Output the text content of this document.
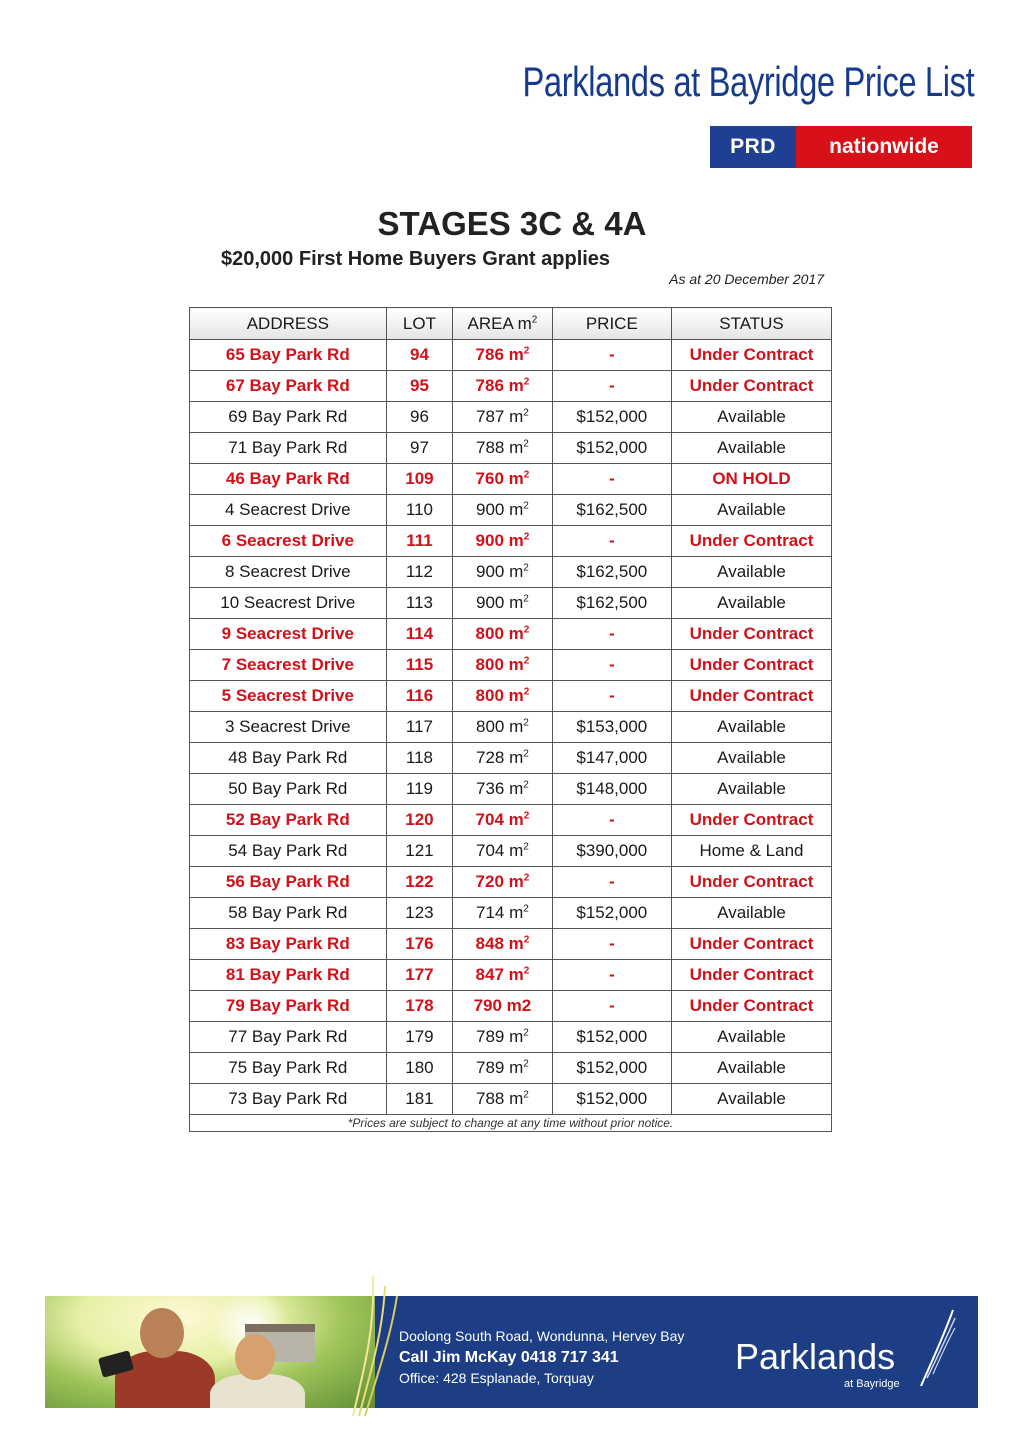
Parklands at Bayridge Price List
PRD	nationwide
STAGES 3C & 4A
$20,000 First Home Buyers Grant applies
As at 20 December 2017
ADDRESS	LOT	AREA $m^2$	PRICE	STATUS
65 Bay Park Rd	94	786 $m^2$	-	Under Contract
67 Bay Park Rd	95	786 $m^2$	-	Under Contract
69 Bay Park Rd	96	787 $m^2$	$152,000	Available
71 Bay Park Rd	97	788 $m^2$	$152,000	Available
46 Bay Park Rd	109	760 $m^2$	-	ON HOLD
4 Seacrest Drive	110	900 $m^2$	$162,500	Available
6 Seacrest Drive	111	900 $m^2$	-	Under Contract
8 Seacrest Drive	112	900 $m^2$	$162,500	Available
10 Seacrest Drive	113	900 $m^2$	$162,500	Available
9 Seacrest Drive	114	800 $m^2$	-	Under Contract
7 Seacrest Drive	115	800 $m^2$	-	Under Contract
5 Seacrest Drive	116	800 $m^2$	-	Under Contract
3 Seacrest Drive	117	800 $m^2$	$153,000	Available
48 Bay Park Rd	118	728 $m^2$	$147,000	Available
50 Bay Park Rd	119	736 $m^2$	$148,000	Available
52 Bay Park Rd	120	704 $m^2$	-	Under Contract
54 Bay Park Rd	121	704 $m^2$	$390,000	Home & Land
56 Bay Park Rd	122	720 $m^2$	-	Under Contract
58 Bay Park Rd	123	714 $m^2$	$152,000	Available
83 Bay Park Rd	176	848 $m^2$	-	Under Contract
81 Bay Park Rd	177	847 $m^2$	-	Under Contract
79 Bay Park Rd	178	790 m2	-	Under Contract
77 Bay Park Rd	179	789 $m^2$	$152,000	Available
75 Bay Park Rd	180	789 $m^2$	$152,000	Available
73 Bay Park Rd	181	788 $m^2$	$152,000	Available
*Prices are subject to change at any time without prior notice.				
Doolong South Road, Wondunna, Hervey Bay
Call Jim McKay 0418 717 341
Office: 428 Esplanade, Torquay
Parklands
at Bayridge
